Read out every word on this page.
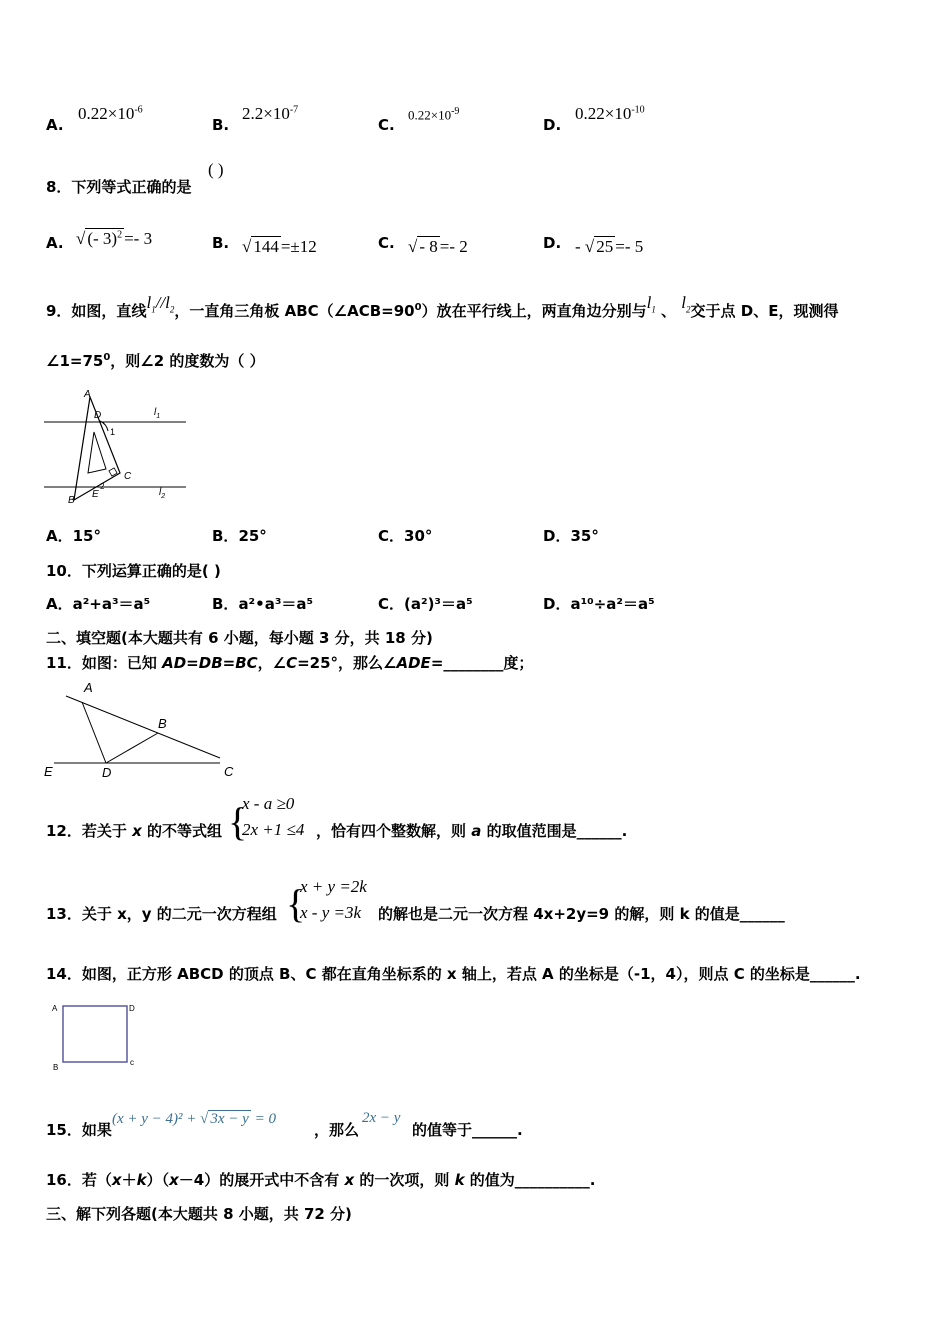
A.
$0.22\times 10^{-6}$
B.
$2.2\times 10^{-7}$
C.
$0.22\times 10^{-9}$
D.
$0.22\times 10^{-10}$
8．下列等式正确的是
( )
A. √ (- 3)$^2$ =- 3	B. √ 144 =±12	C. √ - 8 =- 2	D. - √ 25 =- 5
9．如图，直线$l_1//l_2$，一直角三角板 $ABC(\angle ACB=90^0)$放在平行线上，两直角边分别与$l_1$ 、 $l_2$交于点 D、E，现测得
$\angle 1=75^0$，则∠2 的度数为（ ）
A
D
1
C
B
E
2
$l_1$
$l_2$
A．15°	B．25°	C．30°	D．35°
10．下列运算正确的是( )
A．a²+a³＝a⁵	B．a²•a³＝a⁵	C．(a²)³＝a⁵	D．a¹⁰÷a²＝a⁵
二、填空题(本大题共有 6 小题，每小题 3 分，共 18 分)
11．如图：已知 AD=DB=BC，∠C=25°，那么∠ADE=________度；
A
B
E	D	C
12．若关于 x 的不等式组 {
x - a ≥0
2x +1 ≤4 ，恰有四个整数解，则 a 的取值范围是______.
13．关于 x，y 的二元一次方程组 {
x + y =2k
x - y =3k 的解也是二元一次方程 4x+2y=9 的解，则 k 的值是______
14．如图，正方形 ABCD 的顶点 B、C 都在直角坐标系的 x 轴上，若点 A 的坐标是（-1，4），则点 C 的坐标是______.
A	D
B
c
15．如果
(x + y − 4)² + √ 3x − y = 0
，那么
2x − y
的值等于______.
16．若（x＋k）（x－4）的展开式中不含有 x 的一次项，则 k 的值为__________.
三、解下列各题(本大题共 8 小题，共 72 分)
